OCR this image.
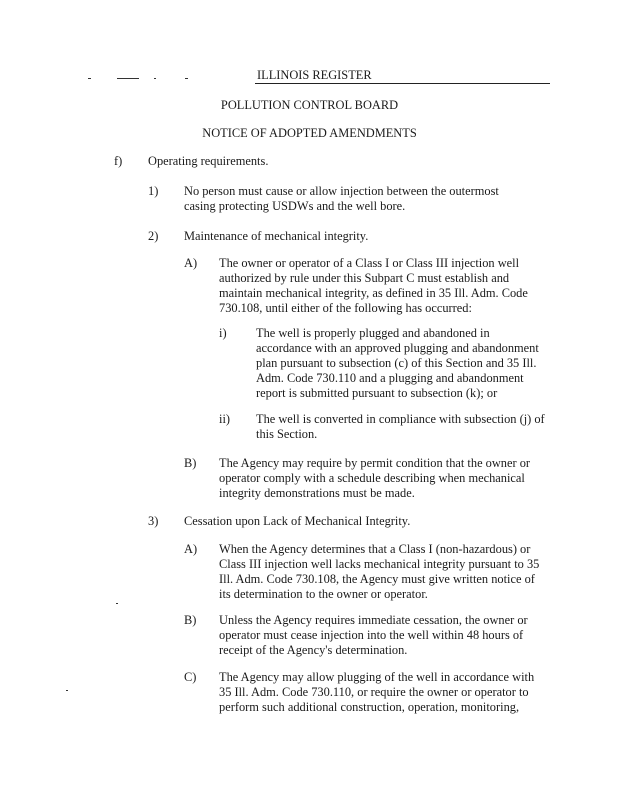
ILLINOIS REGISTER
POLLUTION CONTROL BOARD
NOTICE OF ADOPTED AMENDMENTS
f) Operating requirements.
1) No person must cause or allow injection between the outermost casing protecting USDWs and the well bore.
2) Maintenance of mechanical integrity.
A) The owner or operator of a Class I or Class III injection well authorized by rule under this Subpart C must establish and maintain mechanical integrity, as defined in 35 Ill. Adm. Code 730.108, until either of the following has occurred:
i) The well is properly plugged and abandoned in accordance with an approved plugging and abandonment plan pursuant to subsection (c) of this Section and 35 Ill. Adm. Code 730.110 and a plugging and abandonment report is submitted pursuant to subsection (k); or
ii) The well is converted in compliance with subsection (j) of this Section.
B) The Agency may require by permit condition that the owner or operator comply with a schedule describing when mechanical integrity demonstrations must be made.
3) Cessation upon Lack of Mechanical Integrity.
A) When the Agency determines that a Class I (non-hazardous) or Class III injection well lacks mechanical integrity pursuant to 35 Ill. Adm. Code 730.108, the Agency must give written notice of its determination to the owner or operator.
B) Unless the Agency requires immediate cessation, the owner or operator must cease injection into the well within 48 hours of receipt of the Agency's determination.
C) The Agency may allow plugging of the well in accordance with 35 Ill. Adm. Code 730.110, or require the owner or operator to perform such additional construction, operation, monitoring,
